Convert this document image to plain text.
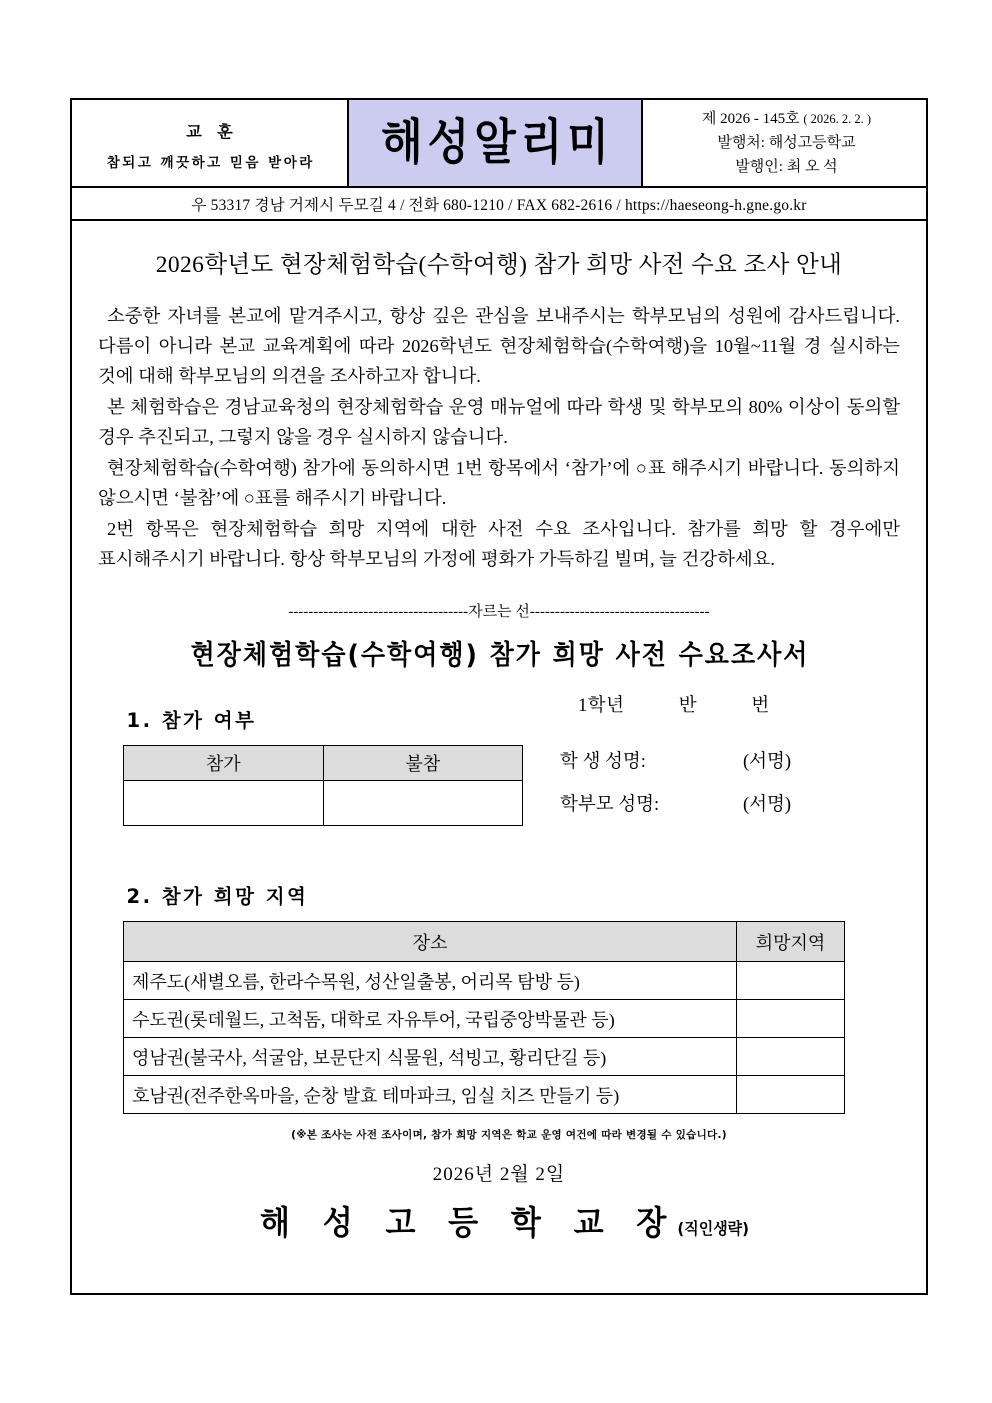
교 훈
참되고 깨끗하고 믿음 받아라 해성알리미	제 2026 - 145호 ( 2026. 2. 2. )
발행처: 해성고등학교
발행인: 최 오 석
우 53317 경남 거제시 두모길 4 / 전화 680-1210 / FAX 682-2616 / https://haeseong-h.gne.go.kr
2026학년도 현장체험학습(수학여행) 참가 희망 사전 수요 조사 안내

소중한 자녀를 본교에 맡겨주시고, 항상 깊은 관심을 보내주시는 학부모님의 성원에 감사드립니다. 다름이 아니라 본교 교육계획에 따라 2026학년도 현장체험학습(수학여행)을 10월~11월 경 실시하는 것에 대해 학부모님의 의견을 조사하고자 합니다.

본 체험학습은 경남교육청의 현장체험학습 운영 매뉴얼에 따라 학생 및 학부모의 80% 이상이 동의할 경우 추진되고, 그렇지 않을 경우 실시하지 않습니다.

현장체험학습(수학여행) 참가에 동의하시면 1번 항목에서 ‘참가’에 ○표 해주시기 바랍니다. 동의하지 않으시면 ‘불참’에 ○표를 해주시기 바랍니다.

2번 항목은 현장체험학습 희망 지역에 대한 사전 수요 조사입니다. 참가를 희망 할 경우에만 표시해주시기 바랍니다. 항상 학부모님의 가정에 평화가 가득하길 빌며, 늘 건강하세요.

------------------------------------자르는 선------------------------------------
현장체험학습(수학여행) 참가 희망 사전 수요조사서
1. 참가 여부
참가	불참

1학년	반	번
학 생 성명:	(서명)
학부모 성명:	(서명)
2. 참가 희망 지역
장소	희망지역
제주도(새별오름, 한라수목원, 성산일출봉, 어리목 탐방 등)	
수도권(롯데월드, 고척돔, 대학로 자유투어, 국립중앙박물관 등)	
영남권(불국사, 석굴암, 보문단지 식물원, 석빙고, 황리단길 등)	
호남권(전주한옥마을, 순창 발효 테마파크, 임실 치즈 만들기 등)	
(※본 조사는 사전 조사이며, 참가 희망 지역은 학교 운영 여건에 따라 변경될 수 있습니다.)
2026년 2월 2일
해 성 고 등 학 교 장(직인생략)
